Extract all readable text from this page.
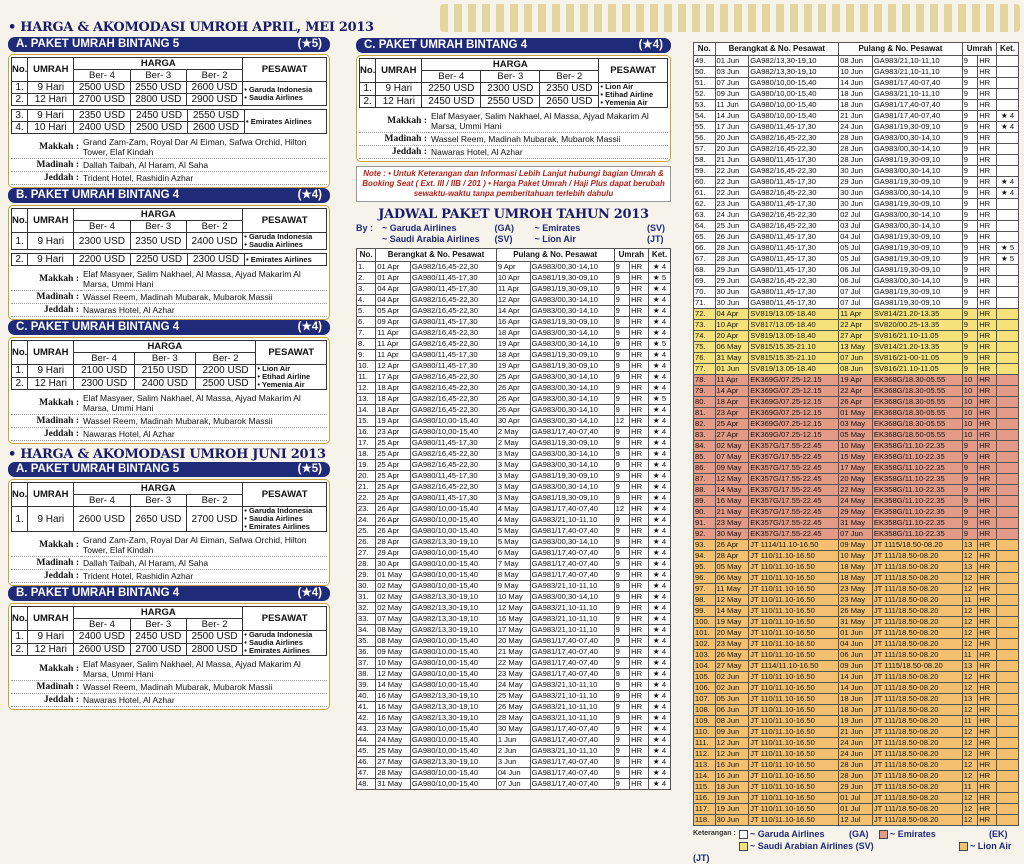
• HARGA & AKOMODASI UMROH APRIL, MEI 2013
A. PAKET UMRAH BINTANG 5	(★5)
No.	UMRAH	HARGA			PESAWAT
		Ber- 4	Ber- 3	Ber- 2	
1.	9 Hari	2500 USD	2550 USD	2600 USD	• Garuda Indonesia
• Saudia Airlines

2.	12 Hari	2700 USD	2800 USD	2900 USD	
3.	9 Hari	2350 USD	2450 USD	2550 USD	• Emirates Airlines

4.	10 Hari	2400 USD	2500 USD	2600 USD	
Makkah :	Grand Zam-Zam, Royal Dar Al Eiman, Safwa Orchid, Hilton Tower, Elaf Kindah
Madinah :	Dallah Taibah, Al Haram, Al Saha
Jeddah :	Trident Hotel, Rashidin Azhar
B. PAKET UMRAH BINTANG 4	(★4)
No.	UMRAH	HARGA			PESAWAT
		Ber- 4	Ber- 3	Ber- 2	
1.	9 Hari	2300 USD	2350 USD	2400 USD	• Garuda Indonesia
• Saudia Airlines
2.	9 Hari	2200 USD	2250 USD	2300 USD	• Emirates Airlines
Makkah :	Elaf Masyaer, Salim Nakhael, Al Massa, Ajyad Makarim Al Marsa, Ummi Hani
Madinah :	Wassel Reem, Madinah Mubarak, Mubarok Massii
Jeddah :	Nawaras Hotel, Al Azhar
C. PAKET UMRAH BINTANG 4	(★4)
No.	UMRAH	HARGA			PESAWAT
		Ber- 4	Ber- 3	Ber- 2	
1.	9 Hari	2100 USD	2150 USD	2200 USD	• Lion Air
• Etihad Airline
• Yemenia Air

2.	12 Hari	2300 USD	2400 USD	2500 USD	
Makkah :	Elaf Masyaer, Salim Nakhael, Al Massa, Ajyad Makarim Al Marsa, Ummi Hani
Madinah :	Wassel Reem, Madinah Mubarak, Mubarok Massii
Jeddah :	Nawaras Hotel, Al Azhar
• HARGA & AKOMODASI UMROH JUNI 2013
A. PAKET UMRAH BINTANG 5	(★5)
No.	UMRAH	HARGA			PESAWAT
		Ber- 4	Ber- 3	Ber- 2	
1.	9 Hari	2600 USD	2650 USD	2700 USD	• Garuda Indonesia
• Saudia Airlines
• Emirates Airlines
Makkah :	Grand Zam-Zam, Royal Dar Al Eiman, Safwa Orchid, Hilton Tower, Elaf Kindah
Madinah :	Dallah Taibah, Al Haram, Al Saha
Jeddah :	Trident Hotel, Rashidin Azhar
B. PAKET UMRAH BINTANG 4	(★4)
No.	UMRAH	HARGA			PESAWAT
		Ber- 4	Ber- 3	Ber- 2	
1.	9 Hari	2400 USD	2450 USD	2500 USD	• Garuda Indonesia
• Saudia Airlines
• Emirates Airlines

2.	12 Hari	2600 USD	2700 USD	2800 USD	
Makkah :	Elaf Masyaer, Salim Nakhael, Al Massa, Ajyad Makarim Al Marsa, Ummi Hani
Madinah :	Wassel Reem, Madinah Mubarak, Mubarok Massii
Jeddah :	Nawaras Hotel, Al Azhar
C. PAKET UMRAH BINTANG 4	(★4)
No.	UMRAH	HARGA			PESAWAT
		Ber- 4	Ber- 3	Ber- 2	
1.	9 Hari	2250 USD	2300 USD	2350 USD	• Lion Air
• Etihad Airline
• Yemenia Air

2.	12 Hari	2450 USD	2550 USD	2650 USD	
Makkah :	Elaf Masyaer, Salim Nakhael, Al Massa, Ajyad Makarim Al Marsa, Ummi Hani
Madinah :	Wassel Reem, Madinah Mubarak, Mubarok Massii
Jeddah :	Nawaras Hotel, Al Azhar
Note : • Untuk Keterangan dan Informasi Lebih Lanjut hubungi bagian Umrah & Booking Seat ( Ext. III / IIB / 201 ) • Harga Paket Umrah / Haji Plus dapat berubah sewaktu-waktu tanpa pemberitahuan terlebih dahulu
JADWAL PAKET UMROH TAHUN 2013
By : ~ Garuda Airlines	(GA)	~ Emirates	(SV)
~ Saudi Arabia Airlines	(SV)	~ Lion Air	(JT)
No.	Berangkat & No. Pesawat		Pulang & No. Pesawat		Umrah		Ket.
1.	01 Apr	GA982/16,45-22,30	9 Apr	GA983/00,30-14,10	9	HR	★ 4
2.	01 Apr	GA980/11,45-17,30	10 Apr	GA981/19,30-09,10	9	HR	★ 5
3.	04 Apr	GA980/11,45-17,30	11 Apr	GA981/19,30-09,10	9	HR	★ 4
4.	04 Apr	GA982/16,45-22,30	12 Apr	GA983/00,30-14,10	9	HR	★ 4
5.	05 Apr	GA982/16,45-22,30	14 Apr	GA983/00,30-14,10	9	HR	★ 4
6.	09 Apr	GA980/11,45-17,30	16 Apr	GA981/19,30-09,10	9	HR	★ 4
7.	11 Apr	GA982/16,45-22,30	18 Apr	GA983/00,30-14,10	9	HR	★ 4
8.	11 Apr	GA982/16,45-22,30	19 Apr	GA983/00,30-14,10	9	HR	★ 5
9.	11 Apr	GA980/11,45-17,30	18 Apr	GA981/19,30-09,10	9	HR	★ 4
10.	12 Apr	GA980/11,45-17,30	19 Apr	GA981/19,30-09,10	9	HR	★ 4
11.	17 Apr	GA982/16,45-22,30	25 Apr	GA983/00,30-14,10	9	HR	★ 4
12.	18 Apr	GA982/16,45-22,30	26 Apr	GA983/00,30-14,10	9	HR	★ 4
13.	18 Apr	GA982/16,45-22,30	26 Apr	GA983/00,30-14,10	9	HR	★ 5
14.	18 Apr	GA982/16,45-22,30	26 Apr	GA983/00,30-14,10	9	HR	★ 4
15.	19 Apr	GA980/10,00-15,40	30 Apr	GA983/00,30-14,10	12	HR	★ 4
16.	23 Apr	GA980/10,00-15,40	2 May	GA981/17,40-07,40	9	HR	★ 4
17.	25 Apr	GA980/11,45-17,30	2 May	GA981/19,30-09,10	9	HR	★ 4
18.	25 Apr	GA982/16,45-22,30	3 May	GA983/00,30-14,10	9	HR	★ 4
19.	25 Apr	GA982/16,45-22,30	3 May	GA983/00,30-14,10	9	HR	★ 4
20.	25 Apr	GA980/11,45-17,30	3 May	GA981/19,30-09,10	9	HR	★ 4
21.	25 Apr	GA982/16,45-22,30	3 May	GA983/00,30-14,10	9	HR	★ 4
22.	25 Apr	GA980/11,45-17,30	3 May	GA981/19,30-09,10	9	HR	★ 4
23.	26 Apr	GA980/10,00-15,40	4 May	GA981/17,40-07,40	12	HR	★ 4
24.	26 Apr	GA980/10,00-15,40	4 May	GA983/21,10-11,10	9	HR	★ 4
25.	26 Apr	GA980/10,00-15,40	5 May	GA981/17,40-07,40	9	HR	★ 4
26.	28 Apr	GA982/13,30-19,10	5 May	GA983/00,30-14,10	9	HR	★ 4
27.	29 Apr	GA980/10,00-15,40	6 May	GA981/17,40-07,40	9	HR	★ 4
28.	30 Apr	GA980/10,00-15,40	7 May	GA981/17,40-07,40	9	HR	★ 4
29.	01 May	GA980/10,00-15,40	8 May	GA981/17,40-07,40	9	HR	★ 4
30.	02 May	GA980/10,00-15,40	9 May	GA983/21,10-11,10	9	HR	★ 4
31.	02 May	GA982/13,30-19,10	10 May	GA983/00,30-14,10	9	HR	★ 4
32.	02 May	GA982/13,30-19,10	12 May	GA983/21,10-11,10	9	HR	★ 4
33.	07 May	GA982/13,30-19,10	16 May	GA983/21,10-11,10	9	HR	★ 4
34.	08 May	GA982/13,30-19,10	17 May	GA983/21,10-11,10	9	HR	★ 4
35.	08 May	GA980/10,00-15,40	20 May	GA981/17,40-07,40	9	HR	★ 4
36.	09 May	GA980/10,00-15,40	21 May	GA981/17,40-07,40	9	HR	★ 4
37.	10 May	GA980/10,00-15,40	22 May	GA981/17,40-07,40	9	HR	★ 4
38.	12 May	GA980/10,00-15,40	23 May	GA981/17,40-07,40	9	HR	★ 4
39.	14 May	GA980/10,00-15,40	24 May	GA983/21,10-11,10	9	HR	★ 4
40.	16 May	GA982/13,30-19,10	25 May	GA983/21,10-11,10	9	HR	★ 4
41.	16 May	GA982/13,30-19,10	26 May	GA983/21,10-11,10	9	HR	★ 4
42.	16 May	GA982/13,30-19,10	28 May	GA983/21,10-11,10	9	HR	★ 4
43.	23 May	GA980/10,00-15,40	30 May	GA981/17,40-07,40	9	HR	★ 4
44.	24 May	GA980/10,00-15,40	1 Jun	GA981/17,40-07,40	9	HR	★ 4
45.	25 May	GA980/10,00-15,40	2 Jun	GA983/21,10-11,10	9	HR	★ 4
46.	27 May	GA982/13,30-19,10	3 Jun	GA981/17,40-07,40	9	HR	★ 4
47.	28 May	GA980/10,00-15,40	04 Jun	GA981/17,40-07,40	9	HR	★ 4
48.	31 May	GA980/10,00-15,40	07 Jun	GA981/17,40-07,40	9	HR	★ 4
No.	Berangkat & No. Pesawat		Pulang & No. Pesawat		Umrah		Ket.
49.	01 Jun	GA982/13,30-19,10	08 Jun	GA983/21,10-11,10	9	HR	
50.	03 Jun	GA982/13,30-19,10	10 Jun	GA983/21,10-11,10	9	HR	
51.	07 Jun	GA980/10,00-15,40	14 Jun	GA981/17,40-07,40	9	HR	
52.	09 Jun	GA980/10,00-15,40	18 Jun	GA983/21,10-11,10	9	HR	
53.	11 Jun	GA980/10,00-15,40	18 Jun	GA981/17,40-07,40	9	HR	
54.	14 Jun	GA980/10,00-15,40	21 Jun	GA981/17,40-07,40	9	HR	★ 4
55.	17 Jun	GA980/11,45-17,30	24 Jun	GA981/19,30-09,10	9	HR	★ 4
56.	20 Jun	GA982/16,45-22,30	28 Jun	GA983/00,30-14,10	9	HR	
57.	20 Jun	GA982/16,45-22,30	28 Jun	GA983/00,30-14,10	9	HR	
58.	21 Jun	GA980/11,45-17,30	28 Jun	GA981/19,30-09,10	9	HR	
59.	22 Jun	GA982/16,45-22,30	30 Jun	GA983/00,30-14,10	9	HR	
60.	22 Jun	GA980/11,45-17,30	29 Jun	GA981/19,30-09,10	9	HR	★ 4
61.	22 Jun	GA982/16,45-22,30	30 Jun	GA983/00,30-14,10	9	HR	★ 4
62.	23 Jun	GA980/11,45-17,30	30 Jun	GA981/19,30-09,10	9	HR	
63.	24 Jun	GA982/16,45-22,30	02 Jul	GA983/00,30-14,10	9	HR	
64.	25 Jun	GA982/16,45-22,30	03 Jul	GA983/00,30-14,10	9	HR	
65.	26 Jun	GA980/11,45-17,30	04 Jul	GA981/19,30-09,10	9	HR	
66.	28 Jun	GA980/11,45-17,30	05 Jul	GA981/19,30-09,10	9	HR	★ 5
67.	28 Jun	GA980/11,45-17,30	05 Jul	GA981/19,30-09,10	9	HR	★ 5
68.	29 Jun	GA980/11,45-17,30	06 Jul	GA981/19,30-09,10	9	HR	
69.	29 Jun	GA982/16,45-22,30	06 Jul	GA983/00,30-14,10	9	HR	
70.	30 Jun	GA980/11,45-17,30	07 Jul	GA981/19,30-09,10	9	HR	
71.	30 Jun	GA980/11,45-17,30	07 Jul	GA981/19,30-09,10	9	HR	
72.	04 Apr	SV819/13.05-18.40	11 Apr	SV814/21.20-13.35	9	HR	
73.	10 Apr	SV817/13.05-18.40	22 Apr	SV820/00.25-13.35	9	HR	
74.	20 Apr	SV819/13.05-18.40	27 Apr	SV816/21.10-11.05	9	HR	
75.	06 May	SV815/15.35-21.10	13 May	SV814/21.20-13.35	9	HR	
76.	31 May	SV815/15.35-21.10	07 Jun	SV816/21-00-11.05	9	HR	
77.	01 Jun	SV819/13.05-18.40	08 Jun	SV816/21.10-11.05	9	HR	
78.	11 Apr	EK369G/07.25-12.15	19 Apr	EK368G/18.30-05.55	10	HR	
79.	14 Apr	EK369G/07.25-12.15	22 Apr	EK368G/18.30-05.55	10	HR	
80.	18 Apr	EK369G/07.25-12.15	26 Apr	EK368G/18.30-05.55	10	HR	
81.	23 Apr	EK369G/07.25-12.15	01 May	EK368G/18.30-05.55	10	HR	
82.	25 Apr	EK369G/07.25-12.15	03 May	EK368G/18.30-05.55	10	HR	
83.	27 Apr	EK369G/07.25-12.15	05 May	EK368G/18.50-05.55	10	HR	
84.	02 May	EK357G/17.55-22.45	10 May	EK358G/11.10-22.35	9	HR	
85.	07 May	EK357G/17.55-22.45	15 May	EK358G/11.10-22.35	9	HR	
86.	09 May	EK357G/17.55-22.45	17 May	EK358G/11.10-22.35	9	HR	
87.	12 May	EK357G/17.55-22.45	20 May	EK358G/11.10-22.35	9	HR	
88.	14 May	EK357G/17.55-22.45	22 May	EK358G/11.10-22.35	9	HR	
89.	16 May	EK357G/17.55-22.45	24 May	EK358G/11.10-22.35	9	HR	
90.	21 May	EK357G/17.55-22.45	29 May	EK358G/11.10-22.35	9	HR	
91.	23 May	EK357G/17.55-22.45	31 May	EK358G/11.10-22.35	9	HR	
92.	30 May	EK357G/17.55-22.45	07 Jun	EK358G/11.10-22.35	9	HR	
93.	26 Apr	JT 1114/11.10-16.50	09 May	JT 1115/18.50-08.20	13	HR	
94.	28 Apr	JT 110/11.10-16.50	10 May	JT 111/18.50-08.20	12	HR	
95.	05 May	JT 110/11.10-16.50	18 May	JT 111/18.50-08.20	13	HR	
96.	06 May	JT 110/11.10-16.50	18 May	JT 111/18.50-08.20	12	HR	
97.	11 May	JT 110/11.10-16.50	23 May	JT 111/18.50-08.20	12	HR	
98.	12 May	JT 110/11.10-16.50	23 May	JT 111/18.50-08.20	11	HR	
99.	14 May	JT 110/11.10-16.50	26 May	JT 111/18.50-08.20	12	HR	
100.	19 May	JT 110/11.10-16.50	31 May	JT 111/18.50-08.20	12	HR	
101.	20 May	JT 110/11.10-16.50	01 Jun	JT 111/18.50-08.20	12	HR	
102.	23 May	JT 110/11.10-16.50	04 Jun	JT 111/18.50-08.20	12	HR	
103.	26 May	JT 110/11.10-16.50	06 Jun	JT 111/18.50-08.20	11	HR	
104.	27 May	JT 1114/11.10-16.50	09 Jun	JT 1115/18.50-08.20	13	HR	
105.	02 Jun	JT 110/11.10-16.50	14 Jun	JT 111/18.50-08.20	12	HR	
106.	02 Jun	JT 110/11.10-16.50	14 Jun	JT 111/18.50-08.20	12	HR	
107.	05 Jun	JT 110/11.10-16.50	18 Jun	JT 111/18.50-08.20	13	HR	
108.	06 Jun	JT 110/11.10-16.50	18 Jun	JT 111/18.50-08.20	12	HR	
109.	08 Jun	JT 110/11.10-16.50	19 Jun	JT 111/18.50-08.20	11	HR	
110.	09 Jun	JT 110/11.10-16.50	21 Jun	JT 111/18.50-08.20	12	HR	
111.	12 Jun	JT 110/11.10-16.50	24 Jun	JT 111/18.50-08.20	12	HR	
112.	12 Jun	JT 110/11.10-16.50	24 Jun	JT 111/18.50-08.20	12	HR	
113.	16 Jun	JT 110/11.10-16.50	28 Jun	JT 111/18.50-08.20	12	HR	
114.	16 Jun	JT 110/11.10-16.50	28 Jun	JT 111/18.50-08.20	12	HR	
115.	18 Jun	JT 110/11.10-16.50	29 Jun	JT 111/18.50-08.20	11	HR	
116.	19 Jun	JT 110/11.10-16.50	01 Jul	JT 111/18.50-08.20	12	HR	
117.	19 Jun	JT 110/11.10-16.50	01 Jul	JT 111/18.50-08.20	12	HR	
118.	30 Jun	JT 110/11.10-16.50	12 Jul	JT 111/18.50-08.20	12	HR	
Keterangan :	~ Garuda Airlines	(GA)	~ Emirates	(EK)
~ Saudi Arabian Airlines (SV)	~ Lion Air
(JT)
